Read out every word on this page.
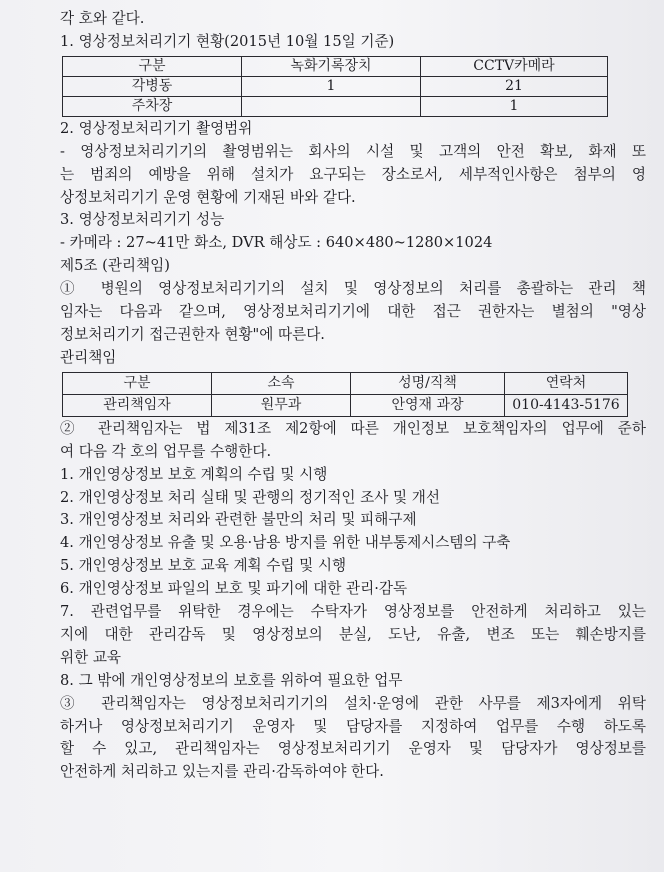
각 호와 같다.
1. 영상정보처리기기 현황(2015년 10월 15일 기준)
구분	녹화기록장치	CCTV카메라
각병동	1	21
주차장		1
2. 영상정보처리기기 촬영범위
- 영상정보처리기기의 촬영범위는 회사의 시설 및 고객의 안전 확보, 화재 또
는 범죄의 예방을 위해 설치가 요구되는 장소로서, 세부적인사항은 첨부의 영
상정보처리기기 운영 현황에 기재된 바와 같다.
3. 영상정보처리기기 성능
- 카메라 : 27~41만 화소, DVR 해상도 : 640×480~1280×1024
제5조 (관리책임)
① 병원의 영상정보처리기기의 설치 및 영상정보의 처리를 총괄하는 관리 책
임자는 다음과 같으며, 영상정보처리기기에 대한 접근 권한자는 별첨의 "영상
정보처리기기 접근권한자 현황"에 따른다.
관리책임
구분	소속	성명/직책	연락처
관리책임자	원무과	안영재 과장	010-4143-5176
② 관리책임자는 법 제31조 제2항에 따른 개인정보 보호책임자의 업무에 준하
여 다음 각 호의 업무를 수행한다.
1. 개인영상정보 보호 계획의 수립 및 시행
2. 개인영상정보 처리 실태 및 관행의 정기적인 조사 및 개선
3. 개인영상정보 처리와 관련한 불만의 처리 및 피해구제
4. 개인영상정보 유출 및 오용·남용 방지를 위한 내부통제시스템의 구축
5. 개인영상정보 보호 교육 계획 수립 및 시행
6. 개인영상정보 파일의 보호 및 파기에 대한 관리·감독
7. 관련업무를 위탁한 경우에는 수탁자가 영상정보를 안전하게 처리하고 있는
지에 대한 관리감독 및 영상정보의 분실, 도난, 유출, 변조 또는 훼손방지를
위한 교육
8. 그 밖에 개인영상정보의 보호를 위하여 필요한 업무
③ 관리책임자는 영상정보처리기기의 설치·운영에 관한 사무를 제3자에게 위탁
하거나 영상정보처리기기 운영자 및 담당자를 지정하여 업무를 수행 하도록
할 수 있고, 관리책임자는 영상정보처리기기 운영자 및 담당자가 영상정보를
안전하게 처리하고 있는지를 관리·감독하여야 한다.
